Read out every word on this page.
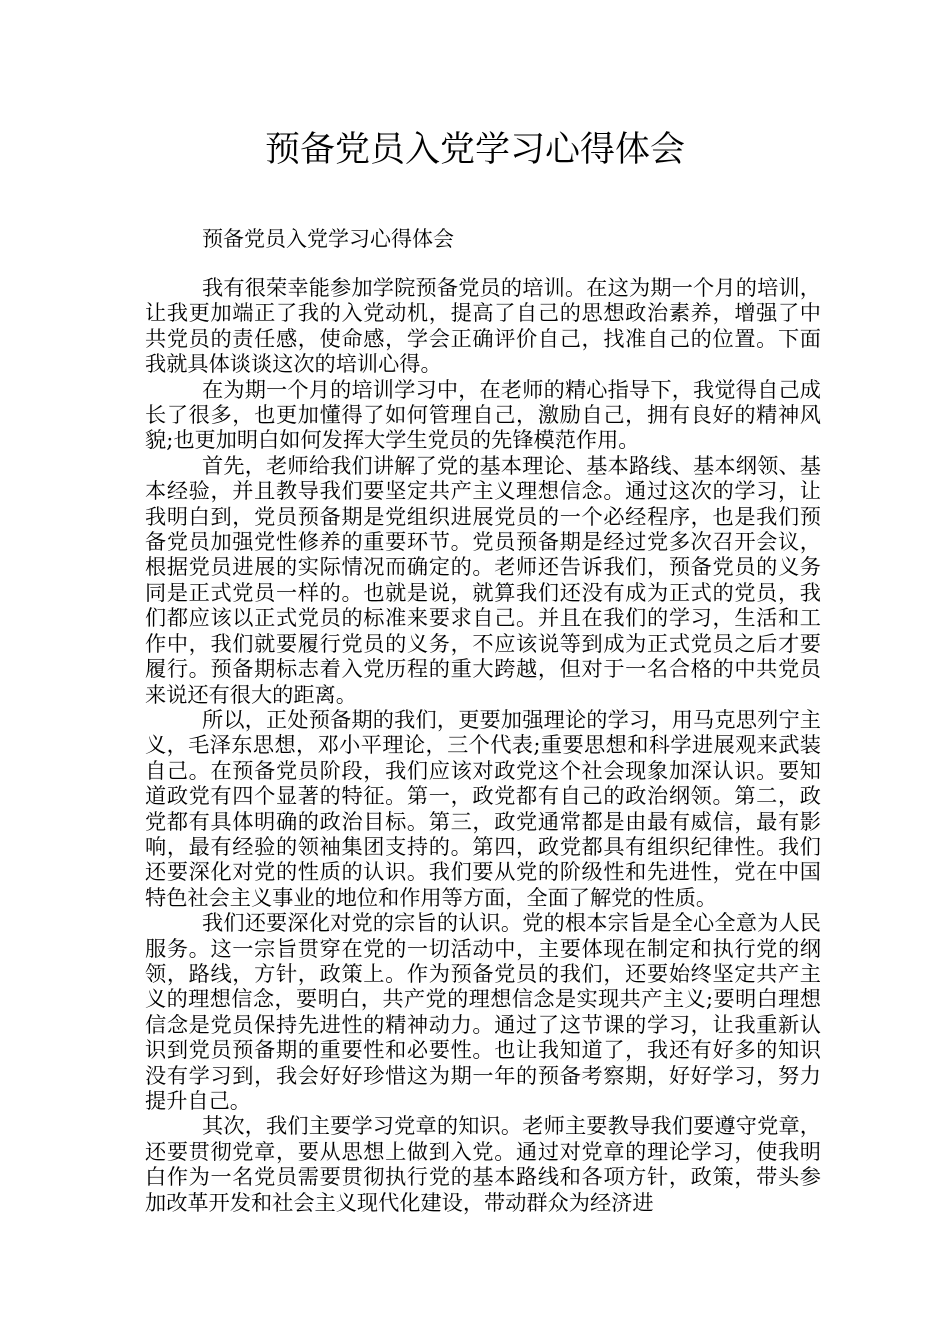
预备党员入党学习心得体会
预备党员入党学习心得体会

我有很荣幸能参加学院预备党员的培训。在这为期一个月的培训，让我更加端正了我的入党动机，提高了自己的思想政治素养，增强了中共党员的责任感，使命感，学会正确评价自己，找准自己的位置。下面我就具体谈谈这次的培训心得。

在为期一个月的培训学习中，在老师的精心指导下，我觉得自己成长了很多，也更加懂得了如何管理自己，激励自己，拥有良好的精神风貌;也更加明白如何发挥大学生党员的先锋模范作用。

首先，老师给我们讲解了党的基本理论、基本路线、基本纲领、基本经验，并且教导我们要坚定共产主义理想信念。通过这次的学习，让我明白到，党员预备期是党组织进展党员的一个必经程序，也是我们预备党员加强党性修养的重要环节。党员预备期是经过党多次召开会议，根据党员进展的实际情况而确定的。老师还告诉我们，预备党员的义务同是正式党员一样的。也就是说，就算我们还没有成为正式的党员，我们都应该以正式党员的标准来要求自己。并且在我们的学习，生活和工作中，我们就要履行党员的义务，不应该说等到成为正式党员之后才要履行。预备期标志着入党历程的重大跨越，但对于一名合格的中共党员来说还有很大的距离。

所以，正处预备期的我们，更要加强理论的学习，用马克思列宁主义，毛泽东思想，邓小平理论，三个代表;重要思想和科学进展观来武装自己。在预备党员阶段，我们应该对政党这个社会现象加深认识。要知道政党有四个显著的特征。第一，政党都有自己的政治纲领。第二，政党都有具体明确的政治目标。第三，政党通常都是由最有威信，最有影响，最有经验的领袖集团支持的。第四，政党都具有组织纪律性。我们还要深化对党的性质的认识。我们要从党的阶级性和先进性，党在中国特色社会主义事业的地位和作用等方面，全面了解党的性质。

我们还要深化对党的宗旨的认识。党的根本宗旨是全心全意为人民服务。这一宗旨贯穿在党的一切活动中，主要体现在制定和执行党的纲领，路线，方针，政策上。作为预备党员的我们，还要始终坚定共产主义的理想信念，要明白，共产党的理想信念是实现共产主义;要明白理想信念是党员保持先进性的精神动力。通过了这节课的学习，让我重新认识到党员预备期的重要性和必要性。也让我知道了，我还有好多的知识没有学习到，我会好好珍惜这为期一年的预备考察期，好好学习，努力提升自己。

其次，我们主要学习党章的知识。老师主要教导我们要遵守党章，还要贯彻党章，要从思想上做到入党。通过对党章的理论学习，使我明白作为一名党员需要贯彻执行党的基本路线和各项方针，政策，带头参加改革开发和社会主义现代化建设，带动群众为经济进
